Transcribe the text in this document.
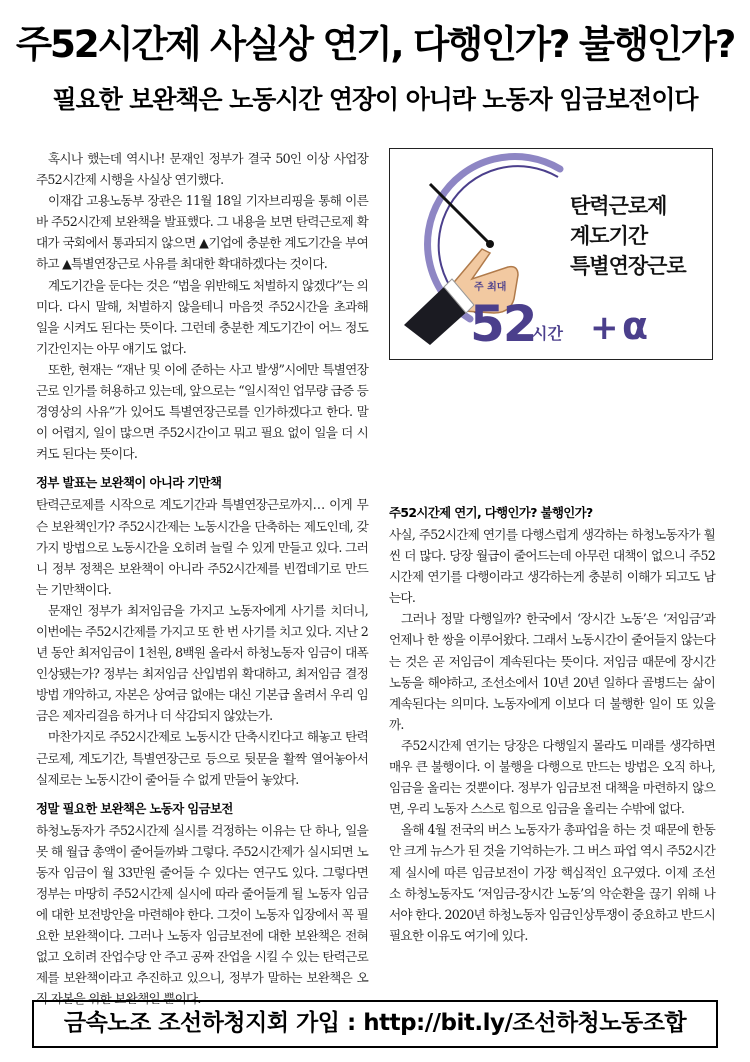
주52시간제 사실상 연기, 다행인가? 불행인가?
필요한 보완책은 노동시간 연장이 아니라 노동자 임금보전이다

혹시나 했는데 역시나! 문재인 정부가 결국 50인 이상 사업장 주52시간제 시행을 사실상 연기했다.

이재갑 고용노동부 장관은 11월 18일 기자브리핑을 통해 이른바 주52시간제 보완책을 발표했다. 그 내용을 보면 탄력근로제 확대가 국회에서 통과되지 않으면 ▲기업에 충분한 계도기간을 부여하고 ▲특별연장근로 사유를 최대한 확대하겠다는 것이다.

계도기간을 둔다는 것은 “법을 위반해도 처벌하지 않겠다”는 의미다. 다시 말해, 처벌하지 않을테니 마음껏 주52시간을 초과해 일을 시켜도 된다는 뜻이다. 그런데 충분한 계도기간이 어느 정도 기간인지는 아무 얘기도 없다.

또한, 현재는 “재난 및 이에 준하는 사고 발생”시에만 특별연장근로 인가를 허용하고 있는데, 앞으로는 “일시적인 업무량 급증 등 경영상의 사유”가 있어도 특별연장근로를 인가하겠다고 한다. 말이 어렵지, 일이 많으면 주52시간이고 뭐고 필요 없이 일을 더 시켜도 된다는 뜻이다.

정부 발표는 보완책이 아니라 기만책

탄력근로제를 시작으로 계도기간과 특별연장근로까지… 이게 무슨 보완책인가? 주52시간제는 노동시간을 단축하는 제도인데, 갖가지 방법으로 노동시간을 오히려 늘릴 수 있게 만들고 있다. 그러니 정부 정책은 보완책이 아니라 주52시간제를 빈껍데기로 만드는 기만책이다.

문재인 정부가 최저임금을 가지고 노동자에게 사기를 치더니, 이번에는 주52시간제를 가지고 또 한 번 사기를 치고 있다. 지난 2년 동안 최저임금이 1천원, 8백원 올라서 하청노동자 임금이 대폭 인상됐는가? 정부는 최저임금 산입범위 확대하고, 최저임금 결정방법 개악하고, 자본은 상여금 없애는 대신 기본급 올려서 우리 임금은 제자리걸음 하거나 더 삭감되지 않았는가.

마찬가지로 주52시간제로 노동시간 단축시킨다고 해놓고 탄력근로제, 계도기간, 특별연장근로 등으로 뒷문을 활짝 열어놓아서 실제로는 노동시간이 줄어들 수 없게 만들어 놓았다.

정말 필요한 보완책은 노동자 임금보전

하청노동자가 주52시간제 실시를 걱정하는 이유는 단 하나, 일을 못 해 월급 총액이 줄어들까봐 그렇다. 주52시간제가 실시되면 노동자 임금이 월 33만원 줄어들 수 있다는 연구도 있다. 그렇다면 정부는 마땅히 주52시간제 실시에 따라 줄어들게 될 노동자 임금에 대한 보전방안을 마련해야 한다. 그것이 노동자 입장에서 꼭 필요한 보완책이다. 그러나 노동자 임금보전에 대한 보완책은 전혀 없고 오히려 잔업수당 안 주고 공짜 잔업을 시킬 수 있는 탄력근로제를 보완책이라고 추진하고 있으니, 정부가 말하는 보완책은 오직 자본을 위한 보완책일 뿐이다.

탄력근로제
계도기간
특별연장근로
주 최대
52
시간 + α
주52시간제 연기, 다행인가? 불행인가?

사실, 주52시간제 연기를 다행스럽게 생각하는 하청노동자가 훨씬 더 많다. 당장 월급이 줄어드는데 아무런 대책이 없으니 주52시간제 연기를 다행이라고 생각하는게 충분히 이해가 되고도 남는다.

그러나 정말 다행일까? 한국에서 ‘장시간 노동’은 ‘저임금’과 언제나 한 쌍을 이루어왔다. 그래서 노동시간이 줄어들지 않는다는 것은 곧 저임금이 계속된다는 뜻이다. 저임금 때문에 장시간 노동을 해야하고, 조선소에서 10년 20년 일하다 골병드는 삶이 계속된다는 의미다. 노동자에게 이보다 더 불행한 일이 또 있을까.

주52시간제 연기는 당장은 다행일지 몰라도 미래를 생각하면 매우 큰 불행이다. 이 불행을 다행으로 만드는 방법은 오직 하나, 임금을 올리는 것뿐이다. 정부가 임금보전 대책을 마련하지 않으면, 우리 노동자 스스로 힘으로 임금을 올리는 수밖에 없다.

올해 4월 전국의 버스 노동자가 총파업을 하는 것 때문에 한동안 크게 뉴스가 된 것을 기억하는가. 그 버스 파업 역시 주52시간제 실시에 따른 임금보전이 가장 핵심적인 요구였다. 이제 조선소 하청노동자도 ‘저임금-장시간 노동’의 악순환을 끊기 위해 나서야 한다. 2020년 하청노동자 임금인상투쟁이 중요하고 반드시 필요한 이유도 여기에 있다.

금속노조 조선하청지회 가입 : http://bit.ly/조선하청노동조합
